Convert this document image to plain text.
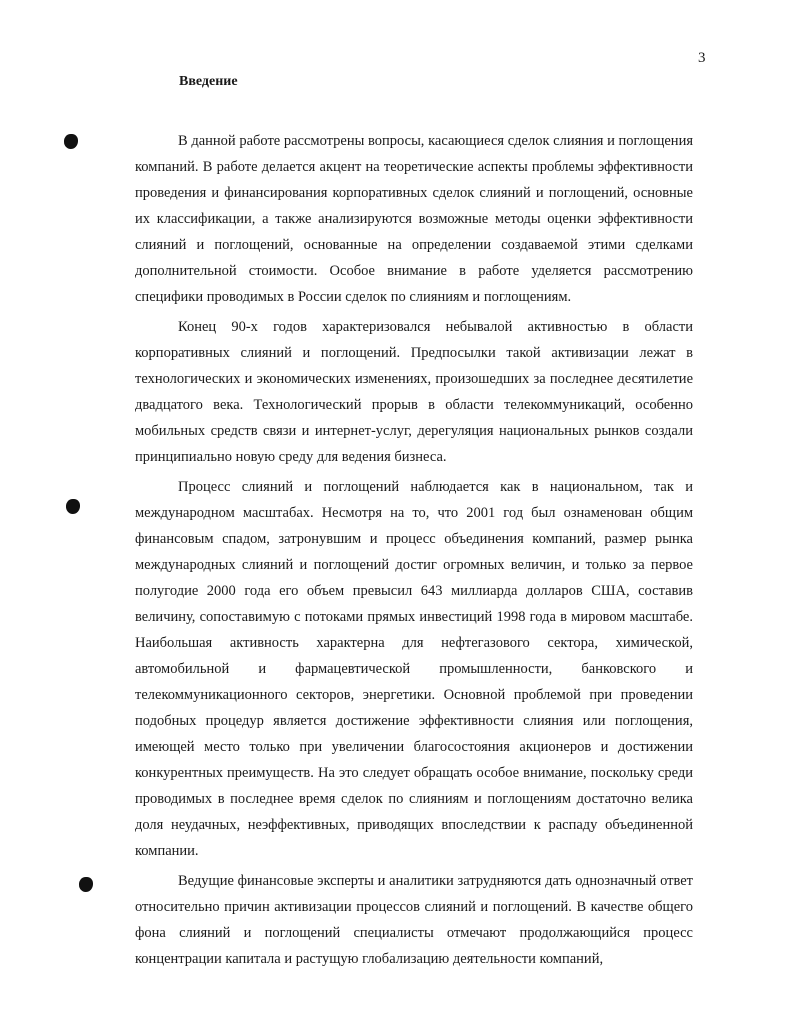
3
Введение

В данной работе рассмотрены вопросы, касающиеся сделок слияния и поглощения компаний. В работе делается акцент на теоретические аспекты проблемы эффективности проведения и финансирования корпоративных сделок слияний и поглощений, основные их классификации, а также анализируются возможные методы оценки эффективности слияний и поглощений, основанные на определении создаваемой этими сделками дополнительной стоимости. Особое внимание в работе уделяется рассмотрению специфики проводимых в России сделок по слияниям и поглощениям.

Конец 90-х годов характеризовался небывалой активностью в области корпоративных слияний и поглощений. Предпосылки такой активизации лежат в технологических и экономических изменениях, произошедших за последнее десятилетие двадцатого века. Технологический прорыв в области телекоммуникаций, особенно мобильных средств связи и интернет-услуг, дерегуляция национальных рынков создали принципиально новую среду для ведения бизнеса.

Процесс слияний и поглощений наблюдается как в национальном, так и международном масштабах. Несмотря на то, что 2001 год был ознаменован общим финансовым спадом, затронувшим и процесс объединения компаний, размер рынка международных слияний и поглощений достиг огромных величин, и только за первое полугодие 2000 года его объем превысил 643 миллиарда долларов США, составив величину, сопоставимую с потоками прямых инвестиций 1998 года в мировом масштабе. Наибольшая активность характерна для нефтегазового сектора, химической, автомобильной и фармацевтической промышленности, банковского и телекоммуникационного секторов, энергетики. Основной проблемой при проведении подобных процедур является достижение эффективности слияния или поглощения, имеющей место только при увеличении благосостояния акционеров и достижении конкурентных преимуществ. На это следует обращать особое внимание, поскольку среди проводимых в последнее время сделок по слияниям и поглощениям достаточно велика доля неудачных, неэффективных, приводящих впоследствии к распаду объединенной компании.

Ведущие финансовые эксперты и аналитики затрудняются дать однозначный ответ относительно причин активизации процессов слияний и поглощений. В качестве общего фона слияний и поглощений специалисты отмечают продолжающийся процесс концентрации капитала и растущую глобализацию деятельности компаний,
